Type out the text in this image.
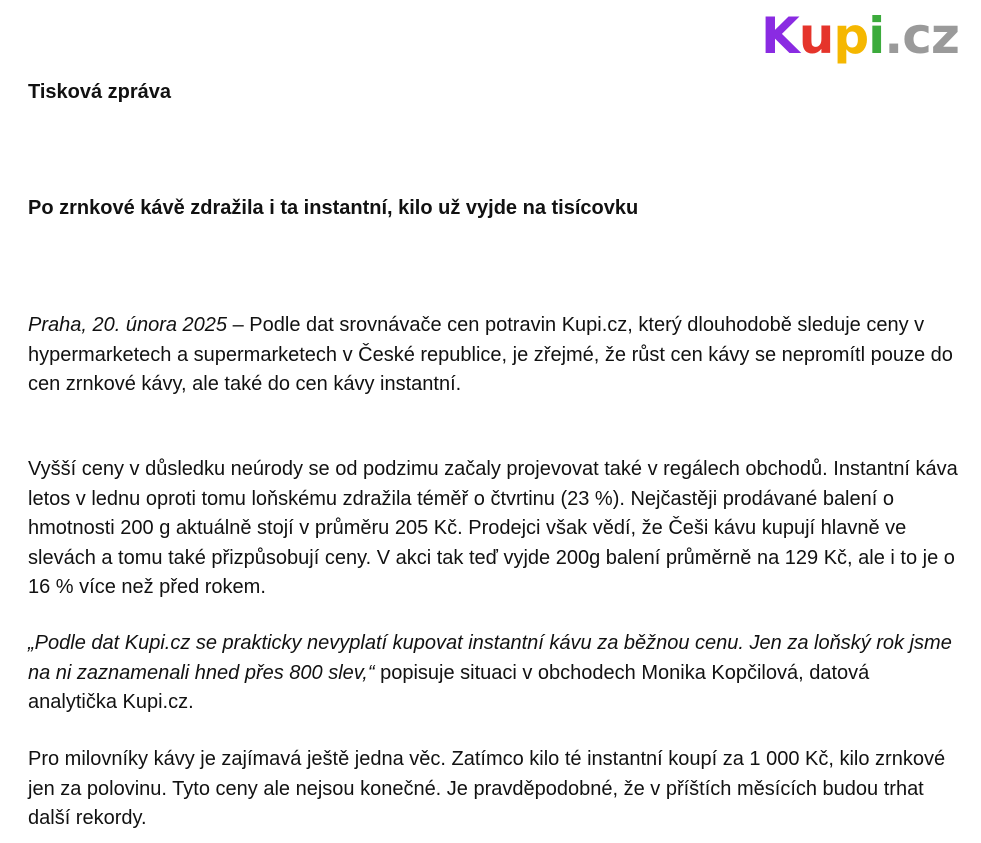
Kupi.cz
Tisková zpráva
Po zrnkové kávě zdražila i ta instantní, kilo už vyjde na tisícovku

Praha, 20. února 2025 – Podle dat srovnávače cen potravin Kupi.cz, který dlouhodobě sleduje ceny v hypermarketech a supermarketech v České republice, je zřejmé, že růst cen kávy se nepromítl pouze do cen zrnkové kávy, ale také do cen kávy instantní.

Vyšší ceny v důsledku neúrody se od podzimu začaly projevovat také v regálech obchodů. Instantní káva letos v lednu oproti tomu loňskému zdražila téměř o čtvrtinu (23 %). Nejčastěji prodávané balení o hmotnosti 200 g aktuálně stojí v průměru 205 Kč. Prodejci však vědí, že Češi kávu kupují hlavně ve slevách a tomu také přizpůsobují ceny. V akci tak teď vyjde 200g balení průměrně na 129 Kč, ale i to je o 16 % více než před rokem.

„Podle dat Kupi.cz se prakticky nevyplatí kupovat instantní kávu za běžnou cenu. Jen za loňský rok jsme na ni zaznamenali hned přes 800 slev,“ popisuje situaci v obchodech Monika Kopčilová, datová analytička Kupi.cz.

Pro milovníky kávy je zajímavá ještě jedna věc. Zatímco kilo té instantní koupí za 1 000 Kč, kilo zrnkové jen za polovinu. Tyto ceny ale nejsou konečné. Je pravděpodobné, že v příštích měsících budou trhat další rekordy.
